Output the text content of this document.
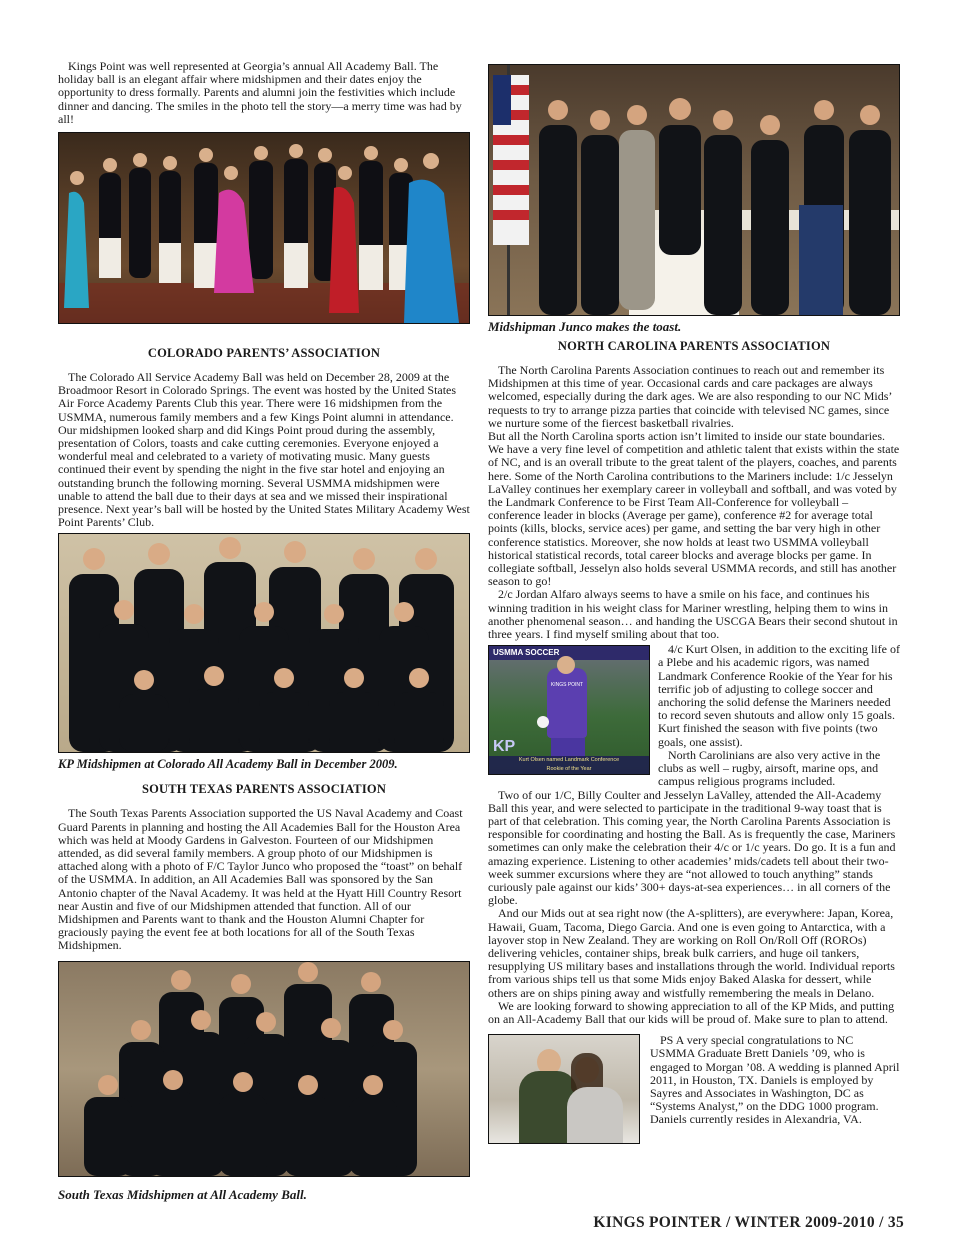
Kings Point was well represented at Georgia’s annual All Academy Ball. The holiday ball is an elegant affair where midshipmen and their dates enjoy the opportunity to dress formally. Parents and alumni join the festivities which include dinner and dancing. The smiles in the photo tell the story—a merry time was had by all!

COLORADO PARENTS’ ASSOCIATION

The Colorado All Service Academy Ball was held on December 28, 2009 at the Broadmoor Resort in Colorado Springs. The event was hosted by the United States Air Force Academy Parents Club this year. There were 16 midshipmen from the USMMA, numerous family members and a few Kings Point alumni in attendance. Our midshipmen looked sharp and did Kings Point proud during the assembly, presentation of Colors, toasts and cake cutting ceremonies. Everyone enjoyed a wonderful meal and celebrated to a variety of motivating music. Many guests continued their event by spending the night in the five star hotel and enjoying an outstanding brunch the following morning. Several USMMA midshipmen were unable to attend the ball due to their days at sea and we missed their inspirational presence. Next year’s ball will be hosted by the United States Military Academy West Point Parents’ Club.

KP Midshipmen at Colorado All Academy Ball in December 2009.
SOUTH TEXAS PARENTS ASSOCIATION

The South Texas Parents Association supported the US Naval Academy and Coast Guard Parents in planning and hosting the All Academies Ball for the Houston Area which was held at Moody Gardens in Galveston. Fourteen of our Midshipmen attended, as did several family members. A group photo of our Midshipmen is attached along with a photo of F/C Taylor Junco who proposed the “toast” on behalf of the USMMA. In addition, an All Academies Ball was sponsored by the San Antonio chapter of the Naval Academy. It was held at the Hyatt Hill Country Resort near Austin and five of our Midshipmen attended that function. All of our Midshipmen and Parents want to thank and the Houston Alumni Chapter for graciously paying the event fee at both locations for all of the South Texas Midshipmen.

South Texas Midshipmen at All Academy Ball.
Midshipman Junco makes the toast.
NORTH CAROLINA PARENTS ASSOCIATION

The North Carolina Parents Association continues to reach out and remember its Midshipmen at this time of year. Occasional cards and care packages are always welcomed, especially during the dark ages. We are also responding to our NC Mids’ requests to try to arrange pizza parties that coincide with televised NC games, since we nurture some of the fiercest basketball rivalries.

But all the North Carolina sports action isn’t limited to inside our state boundaries. We have a very fine level of competition and athletic talent that exists within the state of NC, and is an overall tribute to the great talent of the players, coaches, and parents here. Some of the North Carolina contributions to the Mariners include: 1/c Jesselyn LaValley continues her exemplary career in volleyball and softball, and was voted by the Landmark Conference to be First Team All-Conference for volleyball – conference leader in blocks (Average per game), conference #2 for average total points (kills, blocks, service aces) per game, and setting the bar very high in other conference statistics. Moreover, she now holds at least two USMMA volleyball historical statistical records, total career blocks and average blocks per game. In collegiate softball, Jesselyn also holds several USMMA records, and still has another season to go!

2/c Jordan Alfaro always seems to have a smile on his face, and continues his winning tradition in his weight class for Mariner wrestling, helping them to wins in another phenomenal season… and handing the USCGA Bears their second shutout in three years. I find myself smiling about that too.

USMMA SOCCER
KINGS POINT
KP
Kurt Olsen named Landmark Conference
Rookie of the Year

4/c Kurt Olsen, in addition to the exciting life of a Plebe and his academic rigors, was named Landmark Conference Rookie of the Year for his terrific job of adjusting to college soccer and anchoring the solid defense the Mariners needed to record seven shutouts and allow only 15 goals. Kurt finished the season with five points (two goals, one assist).

North Carolinians are also very active in the clubs as well – rugby, airsoft, marine ops, and campus religious programs included.

Two of our 1/C, Billy Coulter and Jesselyn LaValley, attended the All-Academy Ball this year, and were selected to participate in the traditional 9-way toast that is part of that celebration. This coming year, the North Carolina Parents Association is responsible for coordinating and hosting the Ball. As is frequently the case, Mariners sometimes can only make the celebration their 4/c or 1/c years. Do go. It is a fun and amazing experience. Listening to other academies’ mids/cadets tell about their two-week summer excursions where they are “not allowed to touch anything” stands curiously pale against our kids’ 300+ days-at-sea experiences… in all corners of the globe.

And our Mids out at sea right now (the A-splitters), are everywhere: Japan, Korea, Hawaii, Guam, Tacoma, Diego Garcia. And one is even going to Antarctica, with a layover stop in New Zealand. They are working on Roll On/Roll Off (ROROs) delivering vehicles, container ships, break bulk carriers, and huge oil tankers, resupplying US military bases and installations through the world. Individual reports from various ships tell us that some Mids enjoy Baked Alaska for dessert, while others are on ships pining away and wistfully remembering the meals in Delano.

We are looking forward to showing appreciation to all of the KP Mids, and putting on an All-Academy Ball that our kids will be proud of. Make sure to plan to attend.

PS A very special congratulations to NC USMMA Graduate Brett Daniels ’09, who is engaged to Morgan ’08. A wedding is planned April 2011, in Houston, TX. Daniels is employed by Sayres and Associates in Washington, DC as “Systems Analyst,” on the DDG 1000 program. Daniels currently resides in Alexandria, VA.

KINGS POINTER / WINTER 2009-2010 / 35
